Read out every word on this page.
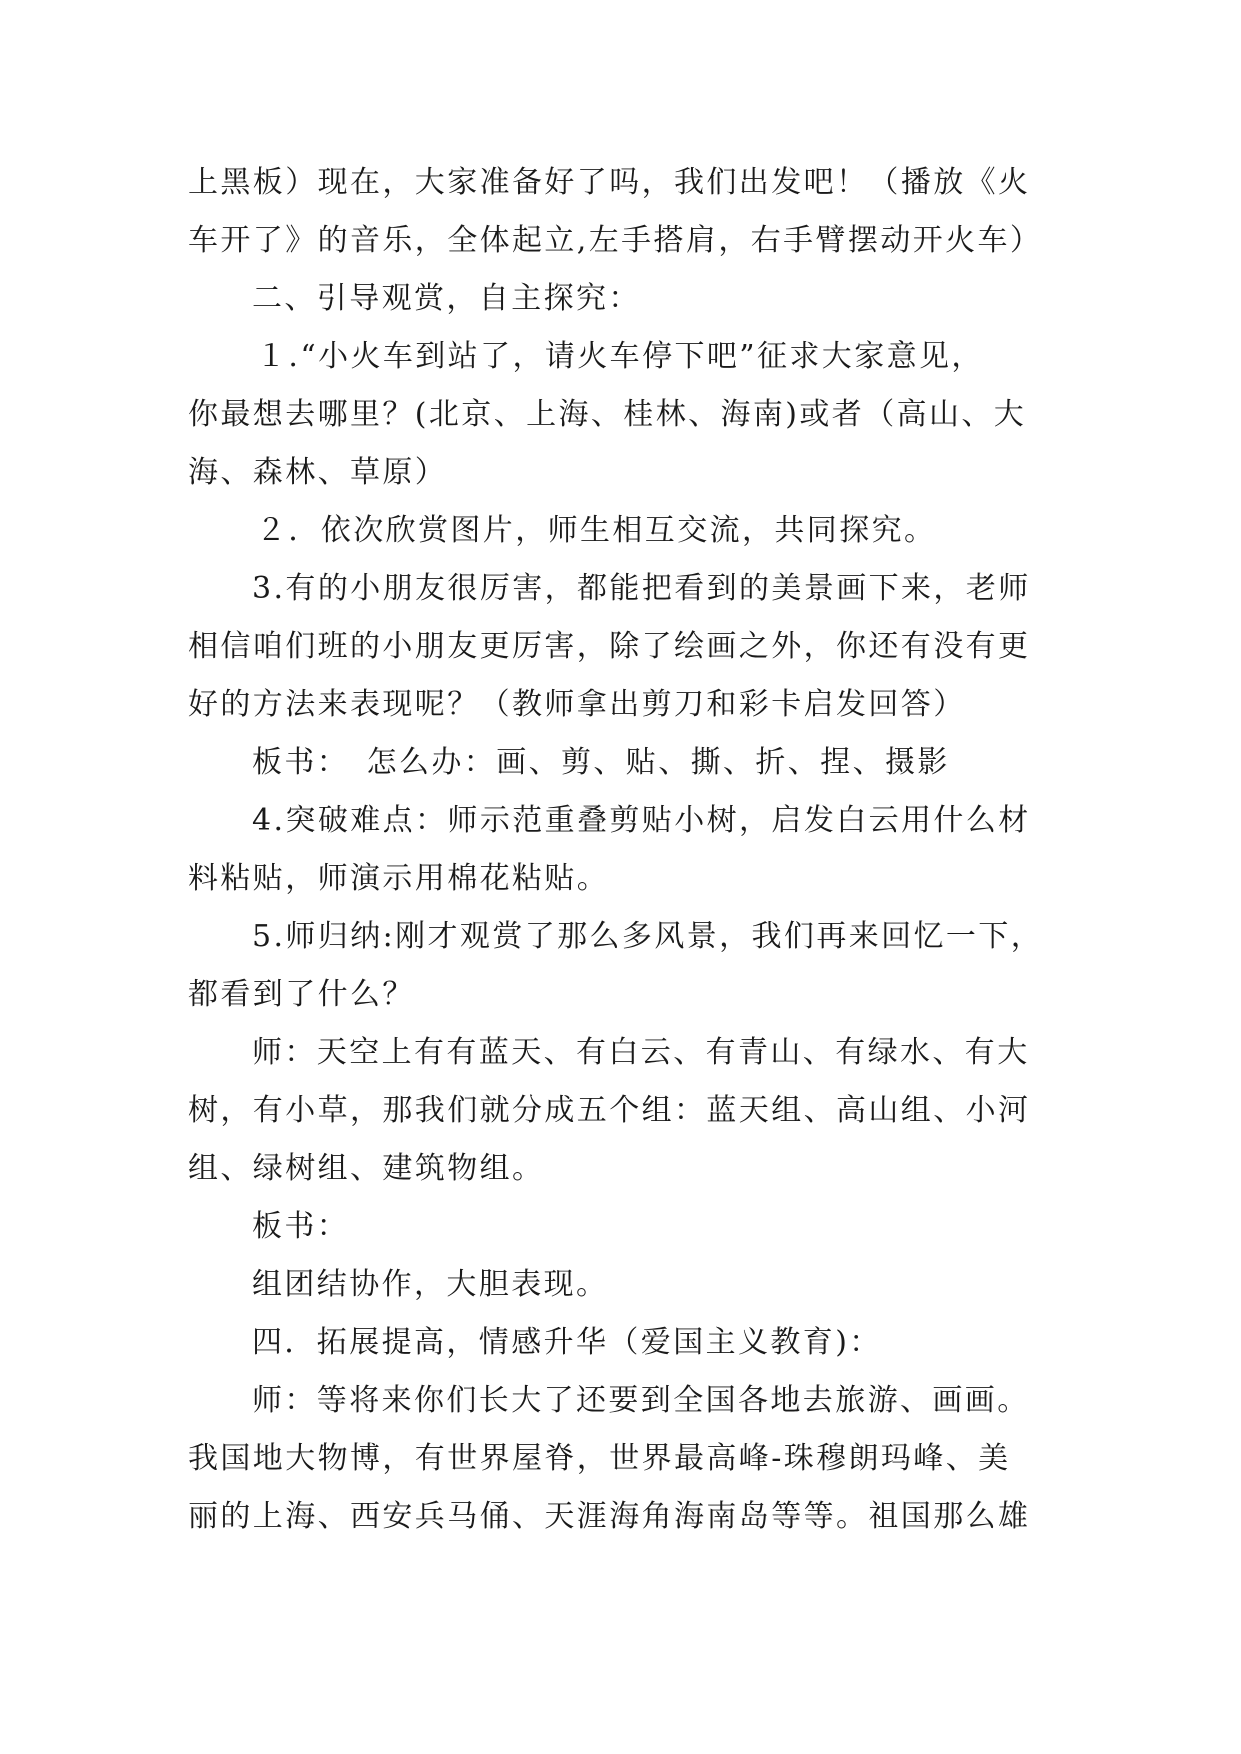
上黑板）现在，大家准备好了吗，我们出发吧！（播放《火
车开了》的音乐，全体起立,左手搭肩，右手臂摆动开火车）
二、引导观赏，自主探究：
１.“小火车到站了，请火车停下吧”征求大家意见，
你最想去哪里？(北京、上海、桂林、海南)或者（高山、大
海、森林、草原）
２．依次欣赏图片，师生相互交流，共同探究。
3.有的小朋友很厉害，都能把看到的美景画下来，老师
相信咱们班的小朋友更厉害，除了绘画之外，你还有没有更
好的方法来表现呢？（教师拿出剪刀和彩卡启发回答）
板书：　怎么办：画、剪、贴、撕、折、捏、摄影
4.突破难点：师示范重叠剪贴小树，启发白云用什么材
料粘贴，师演示用棉花粘贴。
5.师归纳:刚才观赏了那么多风景，我们再来回忆一下，
都看到了什么？
师：天空上有有蓝天、有白云、有青山、有绿水、有大
树，有小草，那我们就分成五个组：蓝天组、高山组、小河
组、绿树组、建筑物组。
板书：
组团结协作，大胆表现。
四．拓展提高，情感升华（爱国主义教育)：
师：等将来你们长大了还要到全国各地去旅游、画画。
我国地大物博，有世界屋脊，世界最高峰-珠穆朗玛峰、美
丽的上海、西安兵马俑、天涯海角海南岛等等。祖国那么雄
